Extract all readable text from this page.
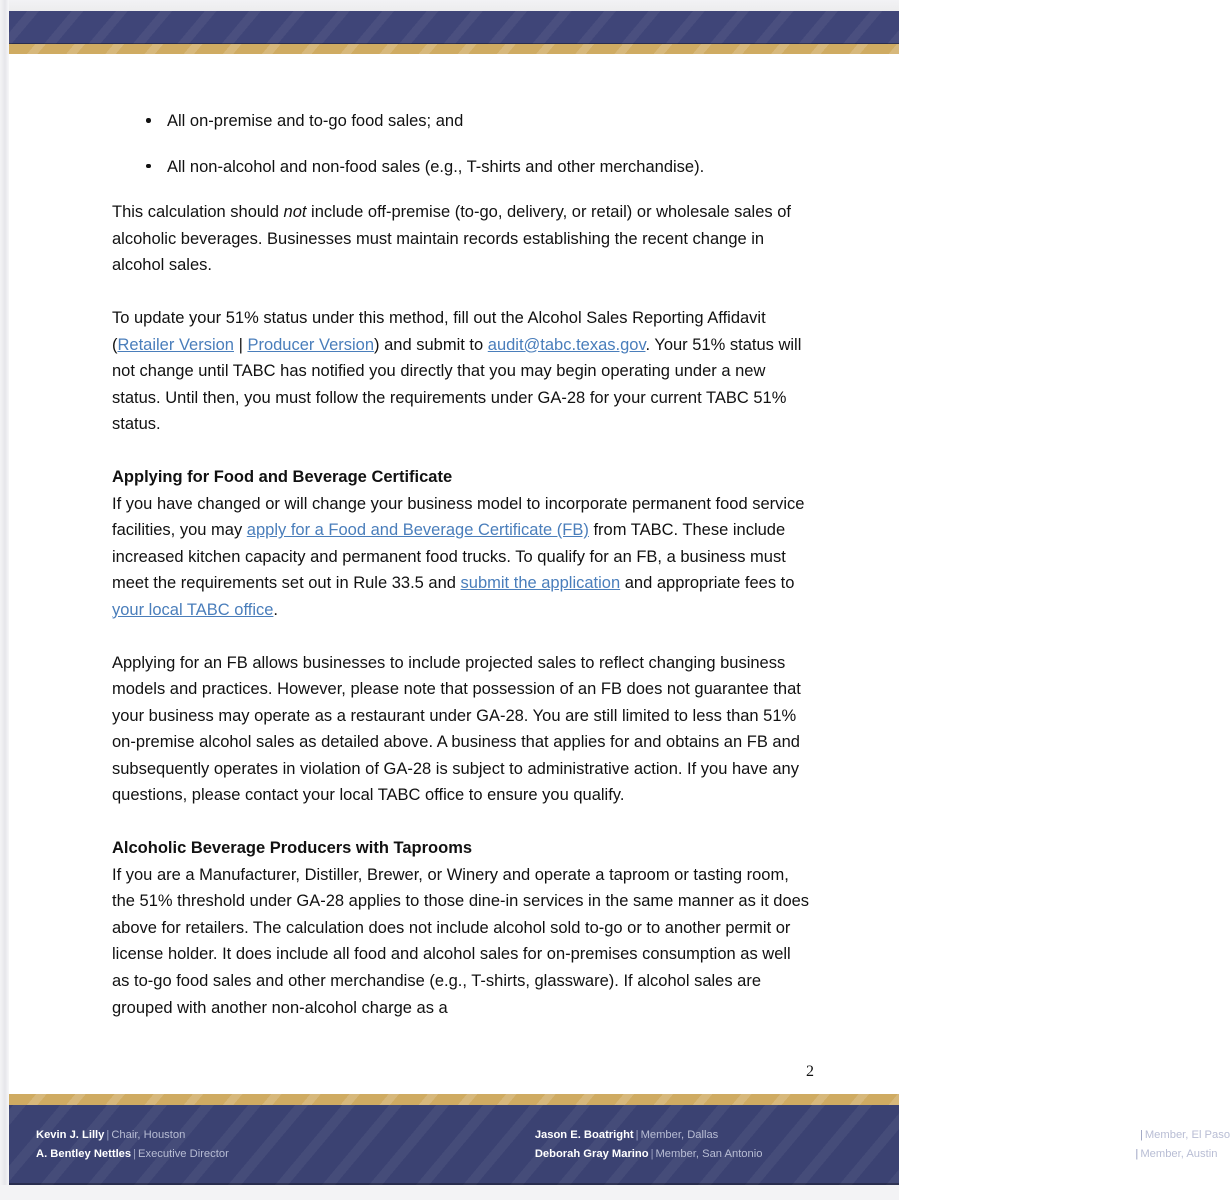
All on-premise and to-go food sales; and
All non-alcohol and non-food sales (e.g., T-shirts and other merchandise).

This calculation should not include off-premise (to-go, delivery, or retail) or wholesale sales of alcoholic beverages. Businesses must maintain records establishing the recent change in alcohol sales.

To update your 51% status under this method, fill out the Alcohol Sales Reporting Affidavit (Retailer Version | Producer Version) and submit to audit@tabc.texas.gov. Your 51% status will not change until TABC has notified you directly that you may begin operating under a new status. Until then, you must follow the requirements under GA-28 for your current TABC 51% status.

Applying for Food and Beverage Certificate

If you have changed or will change your business model to incorporate permanent food service facilities, you may apply for a Food and Beverage Certificate (FB) from TABC. These include increased kitchen capacity and permanent food trucks. To qualify for an FB, a business must meet the requirements set out in Rule 33.5 and submit the application and appropriate fees to your local TABC office.

Applying for an FB allows businesses to include projected sales to reflect changing business models and practices. However, please note that possession of an FB does not guarantee that your business may operate as a restaurant under GA-28. You are still limited to less than 51% on-premise alcohol sales as detailed above. A business that applies for and obtains an FB and subsequently operates in violation of GA-28 is subject to administrative action. If you have any questions, please contact your local TABC office to ensure you qualify.

Alcoholic Beverage Producers with Taprooms

If you are a Manufacturer, Distiller, Brewer, or Winery and operate a taproom or tasting room, the 51% threshold under GA-28 applies to those dine-in services in the same manner as it does above for retailers. The calculation does not include alcohol sold to-go or to another permit or license holder. It does include all food and alcohol sales for on-premises consumption as well as to-go food sales and other merchandise (e.g., T-shirts, glassware). If alcohol sales are grouped with another non-alcohol charge as a

2
Kevin J. Lilly | Chair, Houston
A. Bentley Nettles | Executive Director
Jason E. Boatright | Member, Dallas
Deborah Gray Marino | Member, San Antonio
M. Scott Adkins | Member, El Paso
Hasan K. Mack | Member, Austin
